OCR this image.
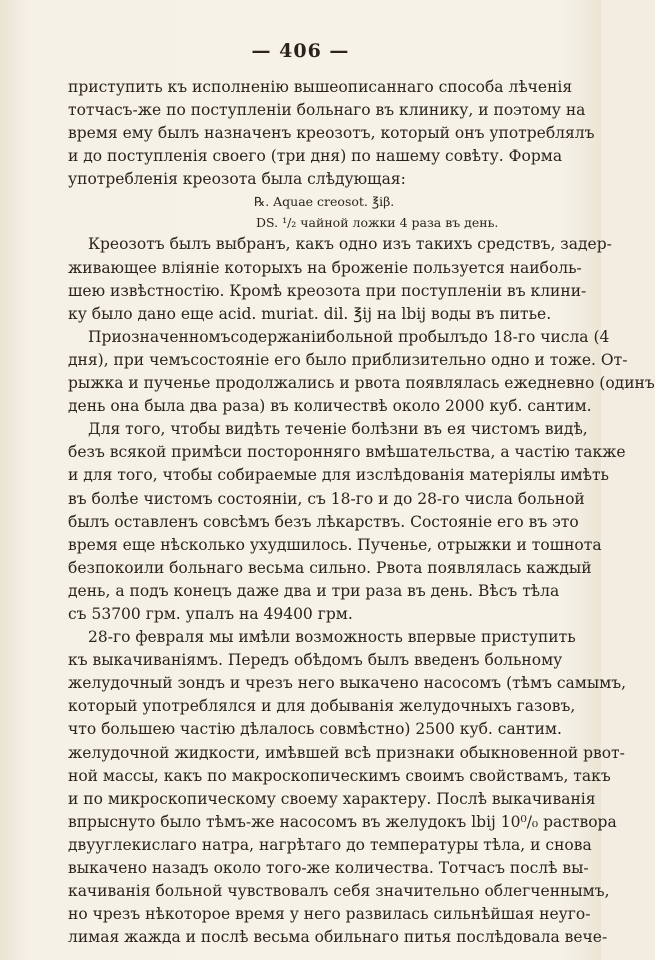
— 406 —
приступить къ исполненію вышеописаннаго способа лѣченія
тотчасъ-же по поступленіи больнаго въ клинику, и поэтому на
время ему былъ назначенъ креозотъ, который онъ употреблялъ
и до поступленія своего (три дня) по нашему совѣту. Форма
употребленія креозота была слѣдующая:
℞. Aquae creosot. ℥iβ.
DS. ¹/₂ чайной ложки 4 раза въ день.
Креозотъ былъ выбранъ, какъ одно изъ такихъ средствъ, задер-
живающее вліяніе которыхъ на броженіе пользуется наиболь-
шею извѣстностію. Кромѣ креозота при поступленіи въ клини-
ку было дано еще acid. muriat. dil. ℥ij на lbij воды въ питье.
Приозначенномъсодержаніибольной пробылъдо 18-го числа (4
дня), при чемъсостояніе его было приблизительно одно и тоже. От-
рыжка и пученье продолжались и рвота появлялась ежедневно (одинъ
день она была два раза) въ количествѣ около 2000 куб. сантим.
Для того, чтобы видѣть теченіе болѣзни въ ея чистомъ видѣ,
безъ всякой примѣси посторонняго вмѣшательства, а частію также
и для того, чтобы собираемые для изслѣдованія матеріялы имѣть
въ болѣе чистомъ состояніи, съ 18-го и до 28-го числа больной
былъ оставленъ совсѣмъ безъ лѣкарствъ. Состояніе его въ это
время еще нѣсколько ухудшилось. Пученье, отрыжки и тошнота
безпокоили больнаго весьма сильно. Рвота появлялась каждый
день, а подъ конецъ даже два и три раза въ день. Вѣсъ тѣла
съ 53700 грм. упалъ на 49400 грм.
28-го февраля мы имѣли возможность впервые приступить
къ выкачиваніямъ. Передъ обѣдомъ былъ введенъ больному
желудочный зондъ и чрезъ него выкачено насосомъ (тѣмъ самымъ,
который употреблялся и для добыванія желудочныхъ газовъ,
что большею частію дѣлалось совмѣстно) 2500 куб. сантим.
желудочной жидкости, имѣвшей всѣ признаки обыкновенной рвот-
ной массы, какъ по макроскопическимъ своимъ свойствамъ, такъ
и по микроскопическому своему характеру. Послѣ выкачиванія
впрыснуто было тѣмъ-же насосомъ въ желудокъ lbij 10⁰/₀ раствора
двууглекислаго натра, нагрѣтаго до температуры тѣла, и снова
выкачено назадъ около того-же количества. Тотчасъ послѣ вы-
качиванія больной чувствовалъ себя значительно облегченнымъ,
но чрезъ нѣкоторое время у него развилась сильнѣйшая неуго-
лимая жажда и послѣ весьма обильнаго питья послѣдовала вече-
